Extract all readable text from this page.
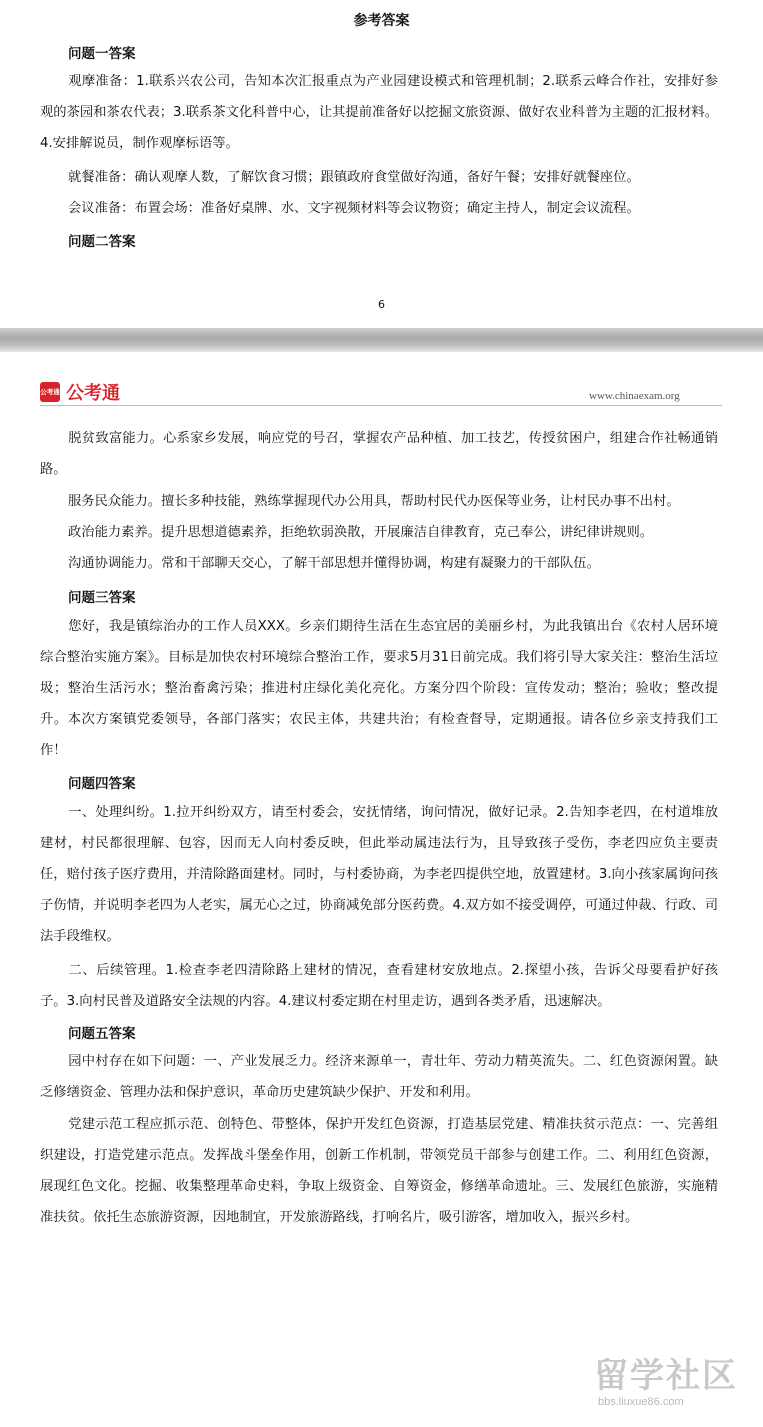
参考答案
问题一答案
观摩准备：1.联系兴农公司，告知本次汇报重点为产业园建设模式和管理机制；2.联系云峰合作社，安排好参观的茶园和茶农代表；3.联系茶文化科普中心，让其提前准备好以挖掘文旅资源、做好农业科普为主题的汇报材料。4.安排解说员，制作观摩标语等。
就餐准备：确认观摩人数，了解饮食习惯；跟镇政府食堂做好沟通，备好午餐；安排好就餐座位。
会议准备：布置会场：准备好桌牌、水、文字视频材料等会议物资；确定主持人，制定会议流程。
问题二答案
6
公考通 公考通	www.chinaexam.org
脱贫致富能力。心系家乡发展，响应党的号召，掌握农产品种植、加工技艺，传授贫困户，组建合作社畅通销路。
服务民众能力。擅长多种技能，熟练掌握现代办公用具，帮助村民代办医保等业务，让村民办事不出村。
政治能力素养。提升思想道德素养，拒绝软弱涣散，开展廉洁自律教育，克己奉公，讲纪律讲规则。
沟通协调能力。常和干部聊天交心，了解干部思想并懂得协调，构建有凝聚力的干部队伍。
问题三答案
您好，我是镇综治办的工作人员XXX。乡亲们期待生活在生态宜居的美丽乡村，为此我镇出台《农村人居环境综合整治实施方案》。目标是加快农村环境综合整治工作，要求5月31日前完成。我们将引导大家关注：整治生活垃圾；整治生活污水；整治畜禽污染；推进村庄绿化美化亮化。方案分四个阶段：宣传发动；整治；验收；整改提升。本次方案镇党委领导，各部门落实；农民主体，共建共治；有检查督导，定期通报。请各位乡亲支持我们工作！
问题四答案
一、处理纠纷。1.拉开纠纷双方，请至村委会，安抚情绪，询问情况，做好记录。2.告知李老四，在村道堆放建材，村民都很理解、包容，因而无人向村委反映，但此举动属违法行为，且导致孩子受伤，李老四应负主要责任，赔付孩子医疗费用，并清除路面建材。同时，与村委协商，为李老四提供空地，放置建材。3.向小孩家属询问孩子伤情，并说明李老四为人老实，属无心之过，协商减免部分医药费。4.双方如不接受调停，可通过仲裁、行政、司法手段维权。
二、后续管理。1.检查李老四清除路上建材的情况，查看建材安放地点。2.探望小孩，告诉父母要看护好孩子。3.向村民普及道路安全法规的内容。4.建议村委定期在村里走访，遇到各类矛盾，迅速解决。
问题五答案
园中村存在如下问题：一、产业发展乏力。经济来源单一，青壮年、劳动力精英流失。二、红色资源闲置。缺乏修缮资金、管理办法和保护意识，革命历史建筑缺少保护、开发和利用。
党建示范工程应抓示范、创特色、带整体，保护开发红色资源，打造基层党建、精准扶贫示范点：一、完善组织建设，打造党建示范点。发挥战斗堡垒作用，创新工作机制，带领党员干部参与创建工作。二、利用红色资源，展现红色文化。挖掘、收集整理革命史料，争取上级资金、自筹资金，修缮革命遗址。三、发展红色旅游，实施精准扶贫。依托生态旅游资源，因地制宜，开发旅游路线，打响名片，吸引游客，增加收入，振兴乡村。
留学社区
bbs.liuxue86.com
